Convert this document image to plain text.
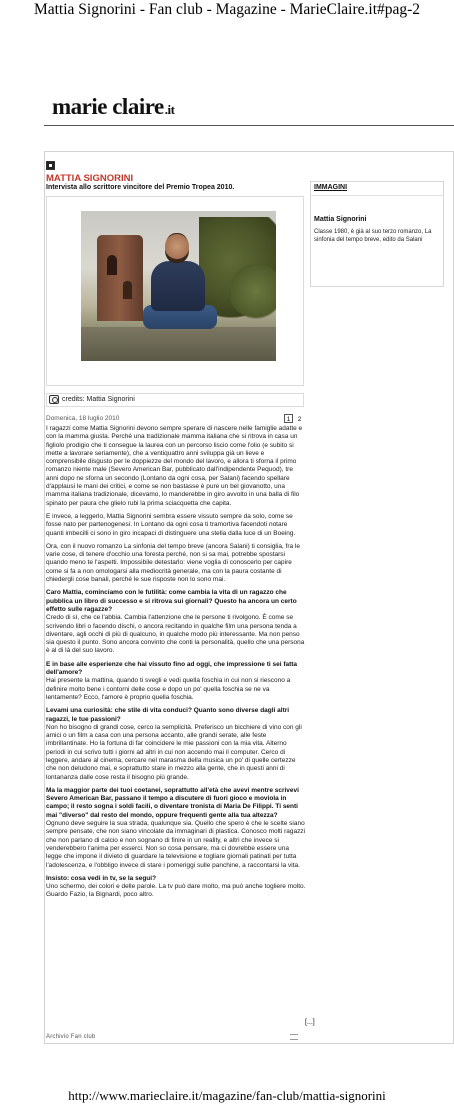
Mattia Signorini - Fan club - Magazine - MarieClaire.it#pag-2
marie claire.it
MATTIA SIGNORINI
Intervista allo scrittore vincitore del Premio Tropea 2010.
credits: Mattia Signorini
Domenica, 18 luglio 2010	1 2
IMMAGINI
Mattia Signorini
Classe 1980, è già al suo terzo romanzo, La sinfonia del tempo breve, edito da Salani

I ragazzi come Mattia Signorini devono sempre sperare di nascere nelle famiglie adatte e con la mamma giusta. Perché una tradizionale mamma italiana che si ritrova in casa un figliolo prodigio che ti consegue la laurea con un percorso liscio come l'olio (e subito si mette a lavorare seriamente), che a ventiquattro anni sviluppa già un lieve e comprensibile disgusto per le doppiezze del mondo del lavoro, e allora ti sforna il primo romanzo niente male (Severo American Bar, pubblicato dall'indipendente Pequod), tre anni dopo ne sforna un secondo (Lontano da ogni cosa, per Salani) facendo spellare d'applausi le mani dei critici, e come se non bastasse è pure un bel giovanotto, una mamma italiana tradizionale, dicevamo, lo manderebbe in giro avvolto in una balla di filo spinato per paura che glielo rubi la prima sciacquetta che capita.

E invece, a leggerlo, Mattia Signorini sembra essere vissuto sempre da solo, come se fosse nato per partenogenesi. In Lontano da ogni cosa ti tramortiva facendoti notare quanti imbecilli ci sono in giro incapaci di distinguere una stella dalla luce di un Boeing.

Ora, con il nuovo romanzo La sinfonia del tempo breve (ancora Salani) ti consiglia, fra le varie cose, di tenere d'occhio una foresta perché, non si sa mai, potrebbe spostarsi quando meno te l'aspetti. Impossibile detestarlo: viene voglia di conoscerlo per capire come si fa a non omologarsi alla mediocrità generale, ma con la paura costante di chiedergli cose banali, perché le sue risposte non lo sono mai.

Caro Mattia, cominciamo con le futilità: come cambia la vita di un ragazzo che pubblica un libro di successo e si ritrova sui giornali? Questo ha ancora un certo effetto sulle ragazze?

Credo di sì, che ce l'abbia. Cambia l'attenzione che le persone ti rivolgono. È come se scrivendo libri o facendo dischi, o ancora recitando in qualche film una persona tenda a diventare, agli occhi di più di qualcuno, in qualche modo più interessante. Ma non penso sia questo il punto. Sono ancora convinto che conti la personalità, quello che una persona è al di là del suo lavoro.

E in base alle esperienze che hai vissuto fino ad oggi, che impressione ti sei fatta dell'amore?

Hai presente la mattina, quando ti svegli e vedi quella foschia in cui non si riescono a definire molto bene i contorni delle cose e dopo un po' quella foschia se ne va lentamente? Ecco, l'amore è proprio quella foschia.

Levami una curiosità: che stile di vita conduci? Quanto sono diverse dagli altri ragazzi, le tue passioni?

Non ho bisogno di grandi cose, cerco la semplicità. Preferisco un bicchiere di vino con gli amici o un film a casa con una persona accanto, alle grandi serate, alle feste imbrillantinate. Ho la fortuna di far coincidere le mie passioni con la mia vita. Alterno periodi in cui scrivo tutti i giorni ad altri in cui non accendo mai il computer. Cerco di leggere, andare al cinema, cercare nel marasma della musica un po' di quelle certezze che non deludono mai, e soprattutto stare in mezzo alla gente, che in questi anni di lontananza dalle cose resta il bisogno più grande.

Ma la maggior parte dei tuoi coetanei, soprattutto all'età che avevi mentre scrivevi Severo American Bar, passano il tempo a discutere di fuori gioco e moviola in campo; il resto sogna i soldi facili, o diventare tronista di Maria De Filippi. Ti senti mai "diverso" dal resto del mondo, oppure frequenti gente alla tua altezza?

Ognuno deve seguire la sua strada, qualunque sia. Quello che spero è che le scelte siano sempre pensate, che non siano vincolate da immaginari di plastica. Conosco molti ragazzi che non parlano di calcio e non sognano di finire in un reality, e altri che invece si venderebbero l'anima per esserci. Non so cosa pensare, ma ci dovrebbe essere una legge che impone il divieto di guardare la televisione e togliare giornali patinati per tutta l'adolescenza, e l'obbligo invece di stare i pomeriggi sulle panchine, a raccontarsi la vita.

Insisto: cosa vedi in tv, se la segui?

Uno schermo, dei colori e delle parole. La tv può dare molto, ma può anche togliere molto. Guardo Fazio, la Bignardi, poco altro.

[...]
Archivio Fan club
http://www.marieclaire.it/magazine/fan-club/mattia-signorini
